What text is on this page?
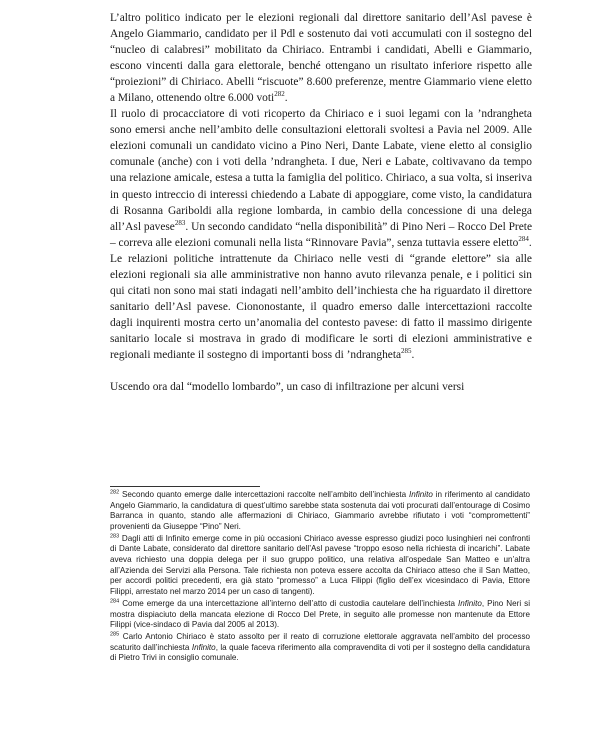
L’altro politico indicato per le elezioni regionali dal direttore sanitario dell’Asl pavese è Angelo Giammario, candidato per il Pdl e sostenuto dai voti accumulati con il sostegno del “nucleo di calabresi” mobilitato da Chiriaco. Entrambi i candidati, Abelli e Giammario, escono vincenti dalla gara elettorale, benché ottengano un risultato inferiore rispetto alle “proiezioni” di Chiriaco. Abelli “riscuote” 8.600 preferenze, mentre Giammario viene eletto a Milano, ottenendo oltre 6.000 voti$^{282}$.

Il ruolo di procacciatore di voti ricoperto da Chiriaco e i suoi legami con la ’ndrangheta sono emersi anche nell’ambito delle consultazioni elettorali svoltesi a Pavia nel 2009. Alle elezioni comunali un candidato vicino a Pino Neri, Dante Labate, viene eletto al consiglio comunale (anche) con i voti della ’ndrangheta. I due, Neri e Labate, coltivavano da tempo una relazione amicale, estesa a tutta la famiglia del politico. Chiriaco, a sua volta, si inseriva in questo intreccio di interessi chiedendo a Labate di appoggiare, come visto, la candidatura di Rosanna Gariboldi alla regione lombarda, in cambio della concessione di una delega all’Asl pavese$^{283}$. Un secondo candidato “nella disponibilità” di Pino Neri – Rocco Del Prete – correva alle elezioni comunali nella lista “Rinnovare Pavia”, senza tuttavia essere eletto$^{284}$.

Le relazioni politiche intrattenute da Chiriaco nelle vesti di “grande elettore” sia alle elezioni regionali sia alle amministrative non hanno avuto rilevanza penale, e i politici sin qui citati non sono mai stati indagati nell’ambito dell’inchiesta che ha riguardato il direttore sanitario dell’Asl pavese. Ciononostante, il quadro emerso dalle intercettazioni raccolte dagli inquirenti mostra certo un’anomalia del contesto pavese: di fatto il massimo dirigente sanitario locale si mostrava in grado di modificare le sorti di elezioni amministrative e regionali mediante il sostegno di importanti boss di ’ndrangheta$^{285}$.

Uscendo ora dal “modello lombardo”, un caso di infiltrazione per alcuni versi

$^{282}$ Secondo quanto emerge dalle intercettazioni raccolte nell’ambito dell’inchiesta Infinito in riferimento al candidato Angelo Giammario, la candidatura di quest’ultimo sarebbe stata sostenuta dai voti procurati dall’entourage di Cosimo Barranca in quanto, stando alle affermazioni di Chiriaco, Giammario avrebbe rifiutato i voti “compromettenti” provenienti da Giuseppe “Pino” Neri.

$^{283}$ Dagli atti di Infinito emerge come in più occasioni Chiriaco avesse espresso giudizi poco lusinghieri nei confronti di Dante Labate, considerato dal direttore sanitario dell’Asl pavese “troppo esoso nella richiesta di incarichi”. Labate aveva richiesto una doppia delega per il suo gruppo politico, una relativa all’ospedale San Matteo e un’altra all’Azienda dei Servizi alla Persona. Tale richiesta non poteva essere accolta da Chiriaco atteso che il San Matteo, per accordi politici precedenti, era già stato “promesso” a Luca Filippi (figlio dell’ex vicesindaco di Pavia, Ettore Filippi, arrestato nel marzo 2014 per un caso di tangenti).

$^{284}$ Come emerge da una intercettazione all’interno dell’atto di custodia cautelare dell’inchiesta Infinito, Pino Neri si mostra dispiaciuto della mancata elezione di Rocco Del Prete, in seguito alle promesse non mantenute da Ettore Filippi (vice-sindaco di Pavia dal 2005 al 2013).

$^{285}$ Carlo Antonio Chiriaco è stato assolto per il reato di corruzione elettorale aggravata nell’ambito del processo scaturito dall’inchiesta Infinito, la quale faceva riferimento alla compravendita di voti per il sostegno della candidatura di Pietro Trivi in consiglio comunale.
